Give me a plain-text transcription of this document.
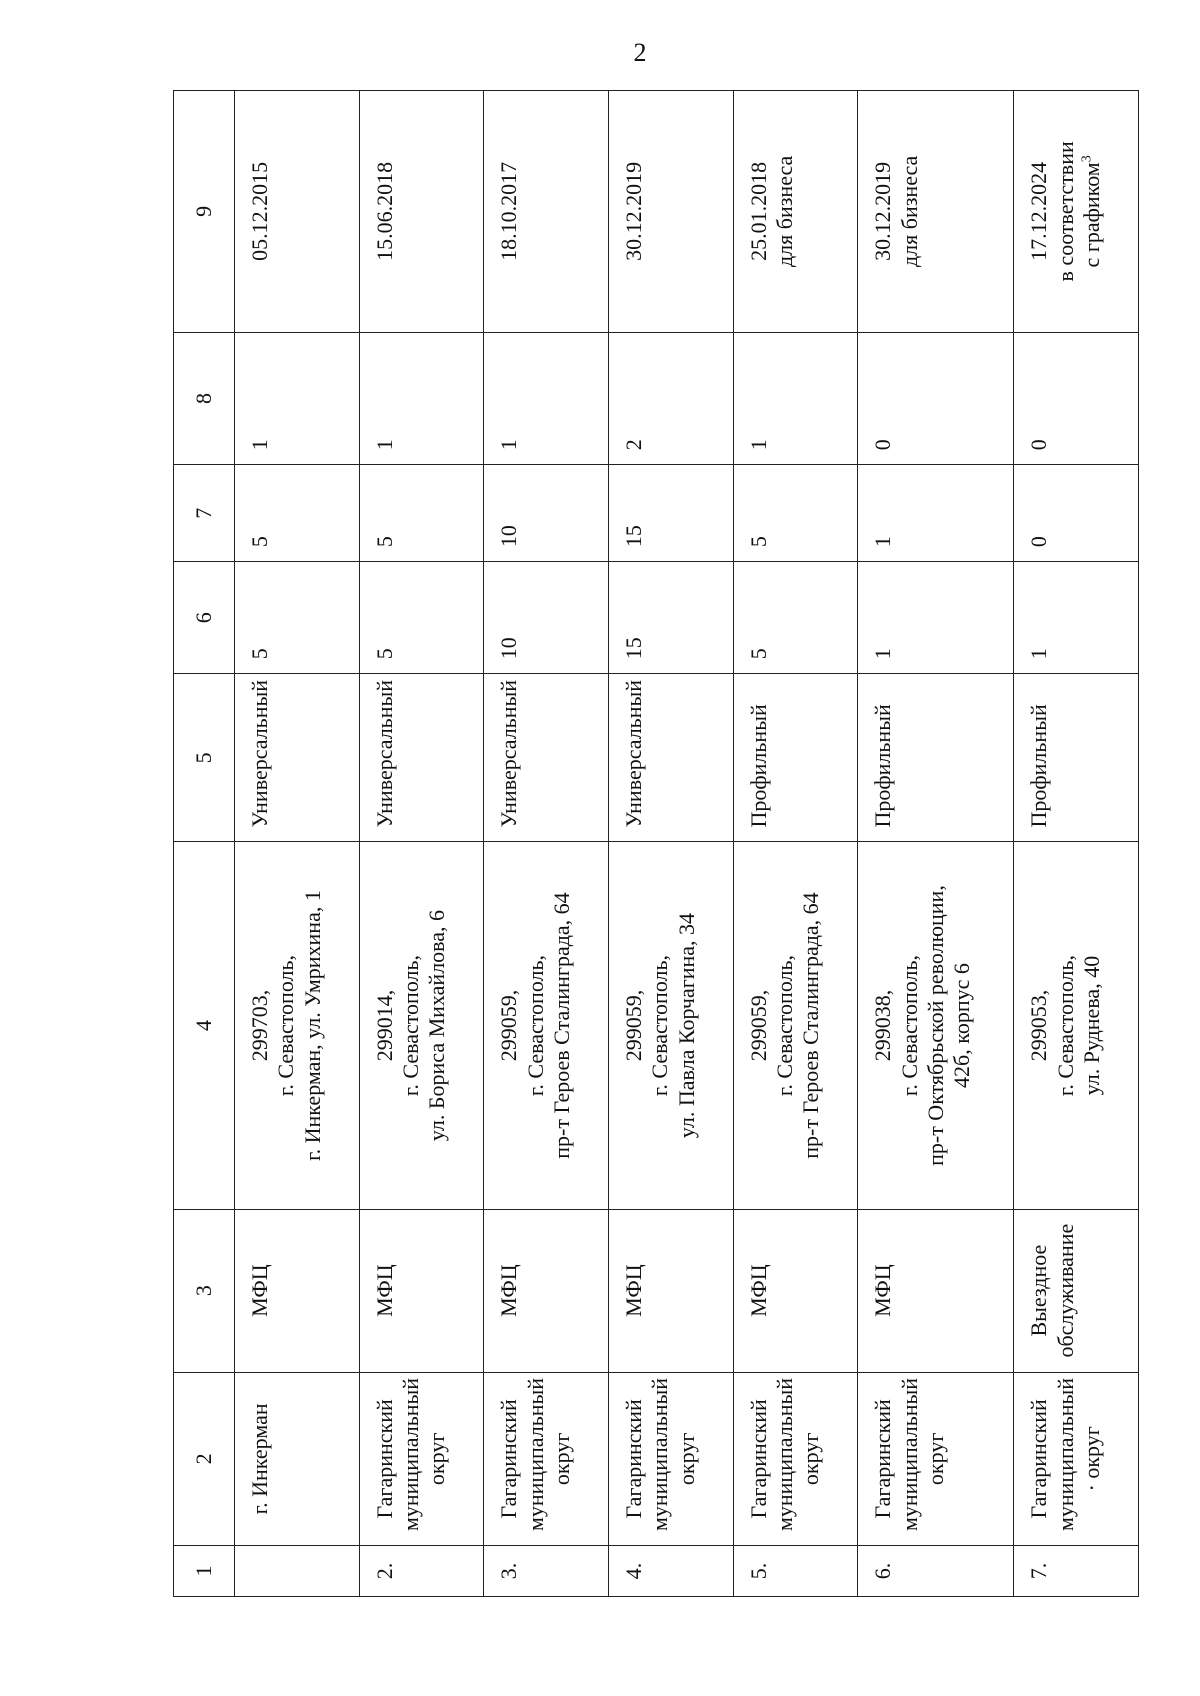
2
1	2	3	4	5	6	7	8	9
	г. Инкерман	МФЦ	299703,
г. Севастополь,
г. Инкерман, ул. Умрихина, 1	Универсальный	5	5	1	05.12.2015
2.	Гагаринский
муниципальный
округ	МФЦ	299014,
г. Севастополь,
ул. Бориса Михайлова, 6	Универсальный	5	5	1	15.06.2018
3.	Гагаринский
муниципальный
округ	МФЦ	299059,
г. Севастополь,
пр-т Героев Сталинграда, 64	Универсальный	10	10	1	18.10.2017
4.	Гагаринский
муниципальный
округ	МФЦ	299059,
г. Севастополь,
ул. Павла Корчагина, 34	Универсальный	15	15	2	30.12.2019
5.	Гагаринский
муниципальный
округ	МФЦ	299059,
г. Севастополь,
пр-т Героев Сталинграда, 64	Профильный	5	5	1	25.01.2018
для бизнеса
6.	Гагаринский
муниципальный
округ	МФЦ	299038,
г. Севастополь,
пр-т Октябрьской революции,
42б, корпус 6	Профильный	1	1	0	30.12.2019
для бизнеса
7.	Гагаринский
муниципальный
· округ	Выездное
обслуживание	299053,
г. Севастополь,
ул. Руднева, 40	Профильный	1	0	0	17.12.2024
в соответствии
с графиком$^3$
